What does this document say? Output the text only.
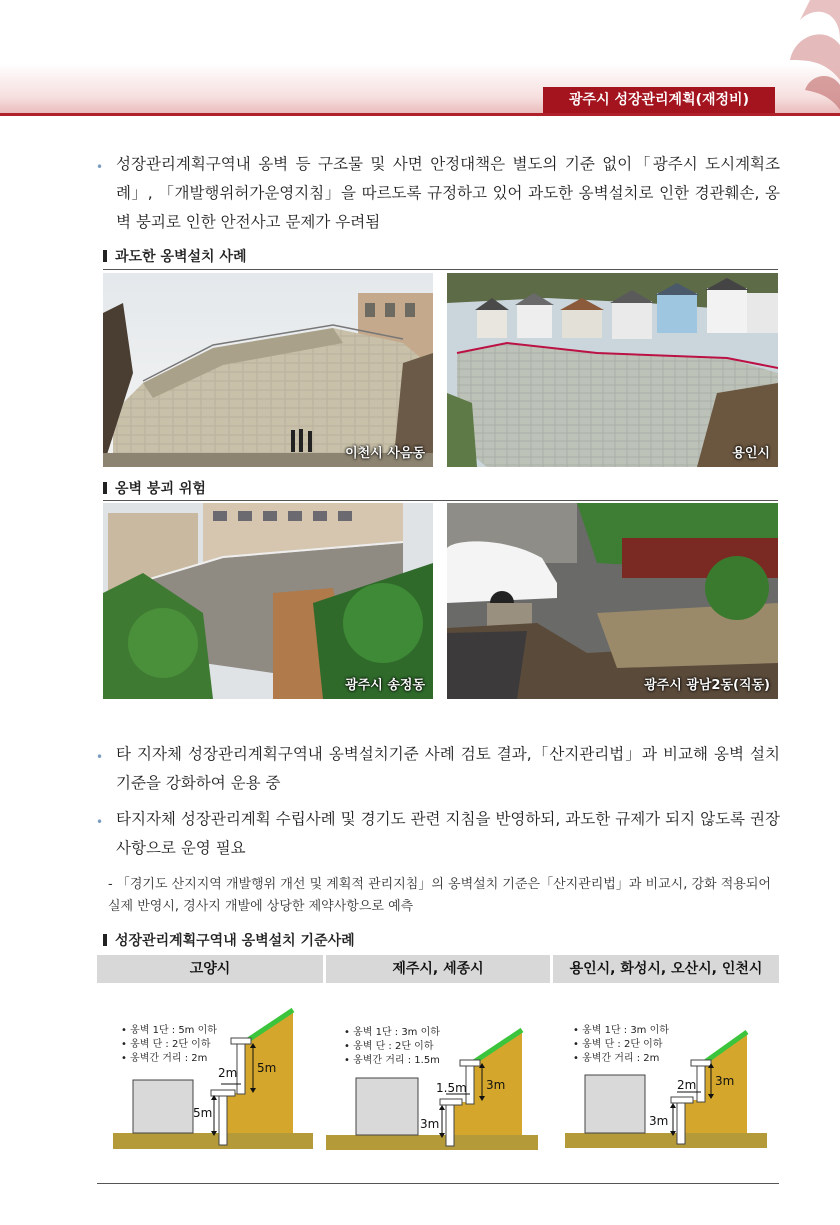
광주시 성장관리계획(재정비)
• 성장관리계획구역내 옹벽 등 구조물 및 사면 안정대책은 별도의 기준 없이「광주시 도시계획조례」, 「개발행위허가운영지침」을 따르도록 규정하고 있어 과도한 옹벽설치로 인한 경관훼손, 옹벽 붕괴로 인한 안전사고 문제가 우려됨
과도한 옹벽설치 사례
이천시 사음동	용인시
옹벽 붕괴 위험
광주시 송정동	광주시 광남2동(직동)
• 타 지자체 성장관리계획구역내 옹벽설치기준 사례 검토 결과,「산지관리법」과 비교해 옹벽 설치 기준을 강화하여 운용 중
• 타지자체 성장관리계획 수립사례 및 경기도 관련 지침을 반영하되, 과도한 규제가 되지 않도록 권장사항으로 운영 필요
- 「경기도 산지지역 개발행위 개선 및 계획적 관리지침」의 옹벽설치 기준은「산지관리법」과 비교시, 강화 적용되어 실제 반영시, 경사지 개발에 상당한 제약사항으로 예측
성장관리계획구역내 옹벽설치 기준사례
고양시	제주시, 세종시	용인시, 화성시, 오산시, 인천시
• 옹벽 1단 : 5m 이하
• 옹벽 단 : 2단 이하
• 옹벽간 거리 : 2m
5m
2m 5m
• 옹벽 1단 : 3m 이하
• 옹벽 단 : 2단 이하
• 옹벽간 거리 : 1.5m
3m
1.5m 3m
• 옹벽 1단 : 3m 이하
• 옹벽 단 : 2단 이하
• 옹벽간 거리 : 2m
3m
2m 3m
